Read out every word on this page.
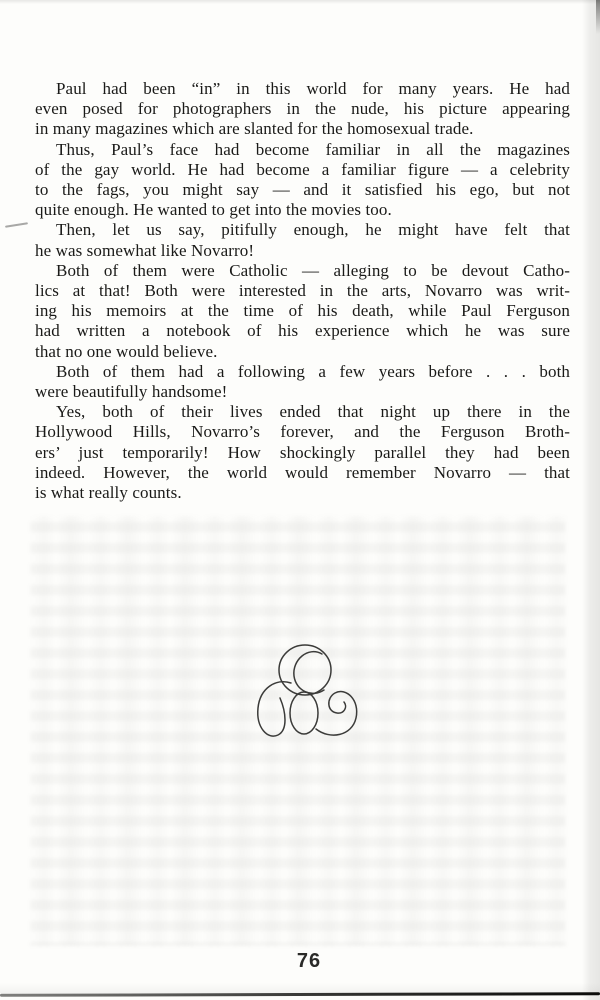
Paul had been “in” in this world for many years. He had
even posed for photographers in the nude, his picture appearing
in many magazines which are slanted for the homosexual trade.

Thus, Paul’s face had become familiar in all the magazines
of the gay world. He had become a familiar figure — a celebrity
to the fags, you might say — and it satisfied his ego, but not
quite enough. He wanted to get into the movies too.

Then, let us say, pitifully enough, he might have felt that
he was somewhat like Novarro!

Both of them were Catholic — alleging to be devout Catho-
lics at that! Both were interested in the arts, Novarro was writ-
ing his memoirs at the time of his death, while Paul Ferguson
had written a notebook of his experience which he was sure
that no one would believe.

Both of them had a following a few years before . . . both
were beautifully handsome!

Yes, both of their lives ended that night up there in the
Hollywood Hills, Novarro’s forever, and the Ferguson Broth-
ers’ just temporarily! How shockingly parallel they had been
indeed. However, the world would remember Novarro — that
is what really counts.

76
